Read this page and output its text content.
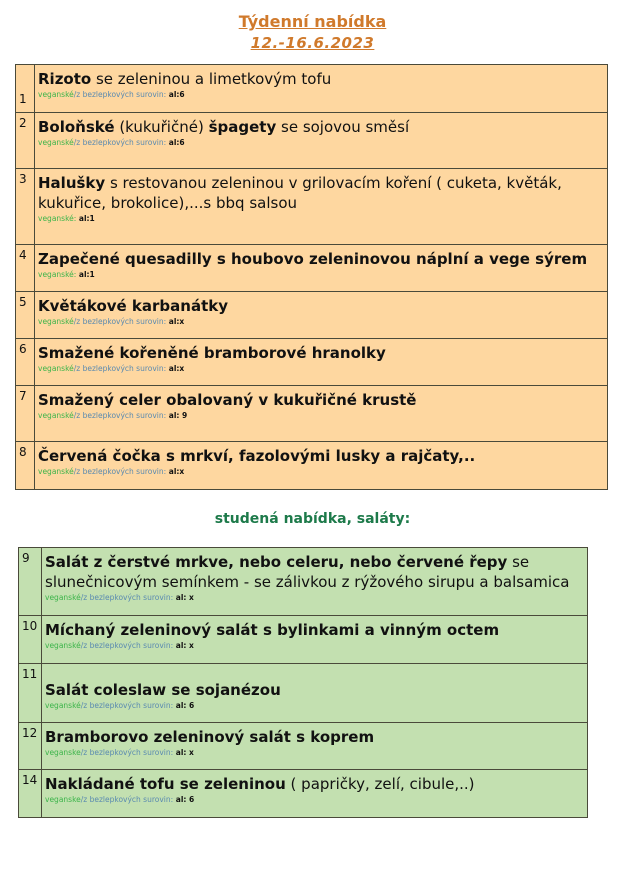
Týdenní nabídka
12.-16.6.2023
1	Rizoto se zeleninou a limetkovým tofu
veganské/z bezlepkových surovin: al:6

2	Boloňské (kukuřičné) špagety se sojovou směsí
veganské/z bezlepkových surovin: al:6

3	Halušky s restovanou zeleninou v grilovacím koření ( cuketa, květák, kukuřice, brokolice),...s bbq salsou
veganské: al:1

4	Zapečené quesadilly s houbovo zeleninovou náplní a vege sýrem
veganské: al:1

5	Květákové karbanátky
veganské/z bezlepkových surovin: al:x

6	Smažené kořeněné bramborové hranolky
veganské/z bezlepkových surovin: al:x

7	Smažený celer obalovaný v kukuřičné krustě
veganské/z bezlepkových surovin: al: 9

8	Červená čočka s mrkví, fazolovými lusky a rajčaty,..
veganské/z bezlepkových surovin: al:x
studená nabídka, saláty:
9	Salát z čerstvé mrkve, nebo celeru, nebo červené řepy se slunečnicovým semínkem - se zálivkou z rýžového sirupu a balsamica
veganské/z bezlepkových surovin: al: x

10	Míchaný zeleninový salát s bylinkami a vinným octem
veganské/z bezlepkových surovin: al: x

11	Salát coleslaw se sojanézou
veganské/z bezlepkových surovin: al: 6

12	Bramborovo zeleninový salát s koprem
veganske/z bezlepkových surovin: al: x

14	Nakládané tofu se zeleninou ( papričky, zelí, cibule,..)
veganske/z bezlepkových surovin: al: 6
